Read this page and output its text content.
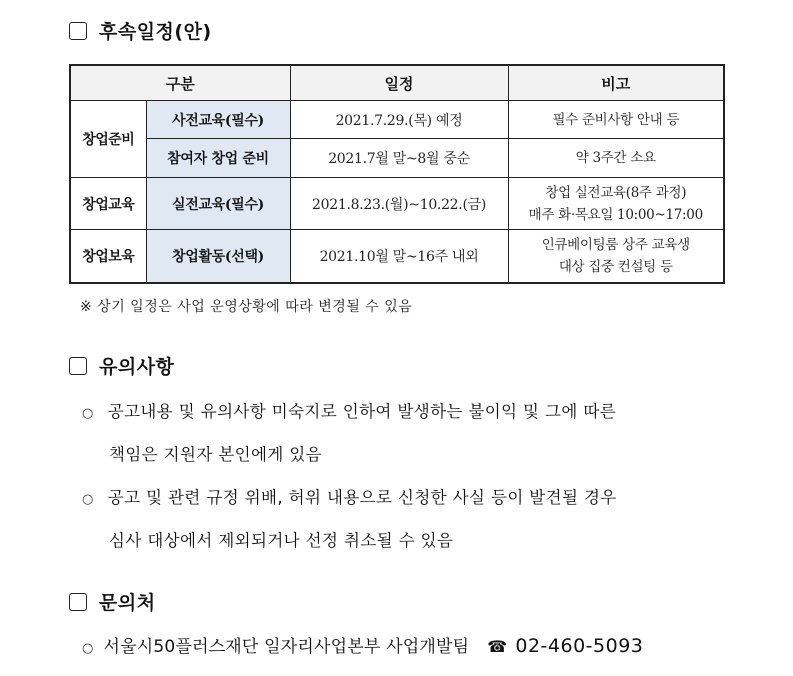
후속일정(안)
구분		일정	비고
창업준비	사전교육(필수)	2021.7.29.(목) 예정	필수 준비사항 안내 등
	참여자 창업 준비	2021.7월 말~8월 중순	약 3주간 소요
창업교육	실전교육(필수)	2021.8.23.(월)~10.22.(금)	창업 실전교육(8주 과정)
매주 화·목요일 10:00~17:00

창업보육	창업활동(선택)	2021.10월 말~16주 내외	인큐베이팅룸 상주 교육생
대상 집중 컨설팅 등
※ 상기 일정은 사업 운영상황에 따라 변경될 수 있음
유의사항
○ 공고내용 및 유의사항 미숙지로 인하여 발생하는 불이익 및 그에 따른
책임은 지원자 본인에게 있음
○ 공고 및 관련 규정 위배, 허위 내용으로 신청한 사실 등이 발견될 경우
심사 대상에서 제외되거나 선정 취소될 수 있음
문의처
○ 서울시50플러스재단 일자리사업본부 사업개발팀 ☎ 02-460-5093
